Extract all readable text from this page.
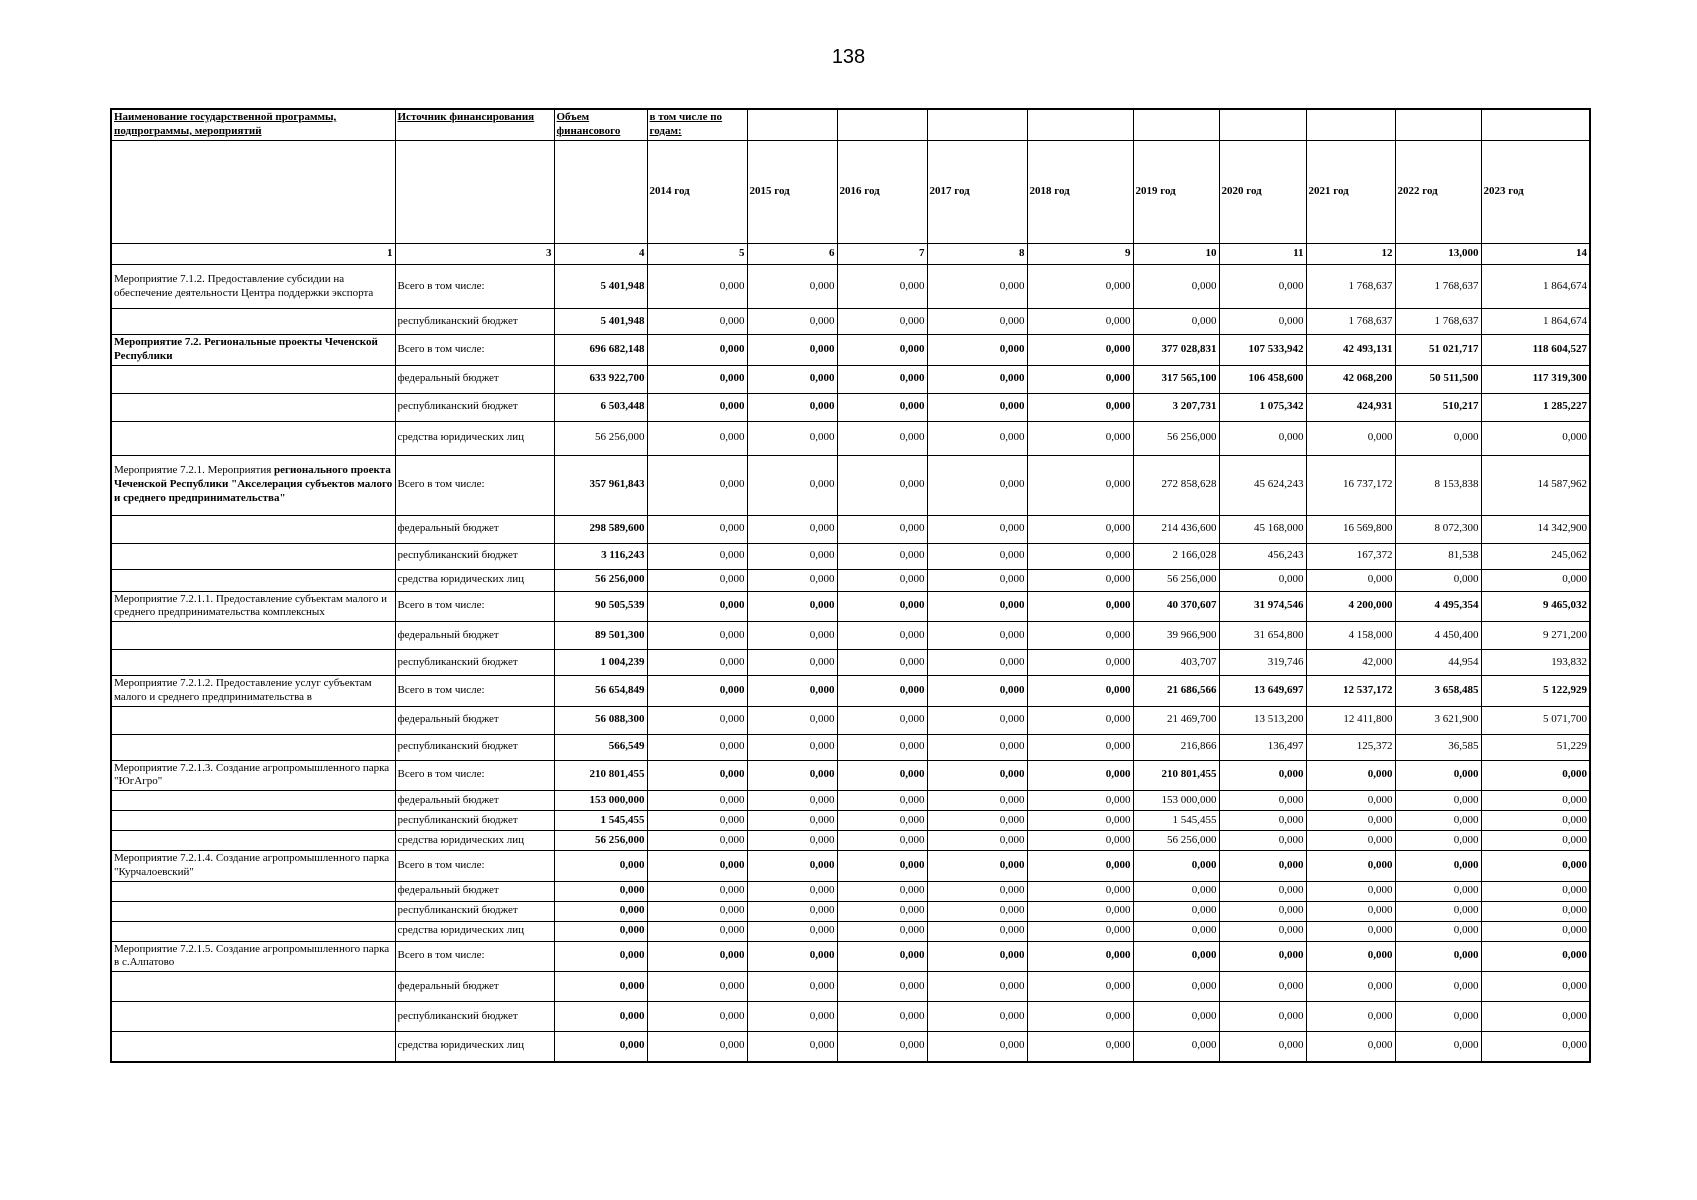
138
Наименование государственной программы, подпрограммы, мероприятий	Источник финансирования	Объем финансового	в том числе по годам:									
			2014 год	2015 год	2016 год	2017 год	2018 год	2019 год	2020 год	2021 год	2022 год	2023 год
1	3	4	5	6	7	8	9	10	11	12	13,000	14
Мероприятие 7.1.2. Предоставление субсидии на обеспечение деятельности Центра поддержки экспорта	Всего в том числе:	5 401,948	0,000	0,000	0,000	0,000	0,000	0,000	0,000	1 768,637	1 768,637	1 864,674
	республиканский бюджет	5 401,948	0,000	0,000	0,000	0,000	0,000	0,000	0,000	1 768,637	1 768,637	1 864,674
Мероприятие 7.2. Региональные проекты Чеченской Республики	Всего в том числе:	696 682,148	0,000	0,000	0,000	0,000	0,000	377 028,831	107 533,942	42 493,131	51 021,717	118 604,527
	федеральный бюджет	633 922,700	0,000	0,000	0,000	0,000	0,000	317 565,100	106 458,600	42 068,200	50 511,500	117 319,300
	республиканский бюджет	6 503,448	0,000	0,000	0,000	0,000	0,000	3 207,731	1 075,342	424,931	510,217	1 285,227
	средства юридических лиц	56 256,000	0,000	0,000	0,000	0,000	0,000	56 256,000	0,000	0,000	0,000	0,000
Мероприятие 7.2.1. Мероприятия регионального проекта Чеченской Республики "Акселерация субъектов малого и среднего предпринимательства"	Всего в том числе:	357 961,843	0,000	0,000	0,000	0,000	0,000	272 858,628	45 624,243	16 737,172	8 153,838	14 587,962
	федеральный бюджет	298 589,600	0,000	0,000	0,000	0,000	0,000	214 436,600	45 168,000	16 569,800	8 072,300	14 342,900
	республиканский бюджет	3 116,243	0,000	0,000	0,000	0,000	0,000	2 166,028	456,243	167,372	81,538	245,062
	средства юридических лиц	56 256,000	0,000	0,000	0,000	0,000	0,000	56 256,000	0,000	0,000	0,000	0,000
Мероприятие 7.2.1.1. Предоставление субъектам малого и среднего предпринимательства комплексных	Всего в том числе:	90 505,539	0,000	0,000	0,000	0,000	0,000	40 370,607	31 974,546	4 200,000	4 495,354	9 465,032
	федеральный бюджет	89 501,300	0,000	0,000	0,000	0,000	0,000	39 966,900	31 654,800	4 158,000	4 450,400	9 271,200
	республиканский бюджет	1 004,239	0,000	0,000	0,000	0,000	0,000	403,707	319,746	42,000	44,954	193,832
Мероприятие 7.2.1.2. Предоставление услуг субъектам малого и среднего предпринимательства в	Всего в том числе:	56 654,849	0,000	0,000	0,000	0,000	0,000	21 686,566	13 649,697	12 537,172	3 658,485	5 122,929
	федеральный бюджет	56 088,300	0,000	0,000	0,000	0,000	0,000	21 469,700	13 513,200	12 411,800	3 621,900	5 071,700
	республиканский бюджет	566,549	0,000	0,000	0,000	0,000	0,000	216,866	136,497	125,372	36,585	51,229
Мероприятие 7.2.1.3. Создание агропромышленного парка "ЮгАгро"	Всего в том числе:	210 801,455	0,000	0,000	0,000	0,000	0,000	210 801,455	0,000	0,000	0,000	0,000
	федеральный бюджет	153 000,000	0,000	0,000	0,000	0,000	0,000	153 000,000	0,000	0,000	0,000	0,000
	республиканский бюджет	1 545,455	0,000	0,000	0,000	0,000	0,000	1 545,455	0,000	0,000	0,000	0,000
	средства юридических лиц	56 256,000	0,000	0,000	0,000	0,000	0,000	56 256,000	0,000	0,000	0,000	0,000
Мероприятие 7.2.1.4. Создание агропромышленного парка "Курчалоевский"	Всего в том числе:	0,000	0,000	0,000	0,000	0,000	0,000	0,000	0,000	0,000	0,000	0,000
	федеральный бюджет	0,000	0,000	0,000	0,000	0,000	0,000	0,000	0,000	0,000	0,000	0,000
	республиканский бюджет	0,000	0,000	0,000	0,000	0,000	0,000	0,000	0,000	0,000	0,000	0,000
	средства юридических лиц	0,000	0,000	0,000	0,000	0,000	0,000	0,000	0,000	0,000	0,000	0,000
Мероприятие 7.2.1.5. Создание агропромышленного парка в с.Алпатово	Всего в том числе:	0,000	0,000	0,000	0,000	0,000	0,000	0,000	0,000	0,000	0,000	0,000
	федеральный бюджет	0,000	0,000	0,000	0,000	0,000	0,000	0,000	0,000	0,000	0,000	0,000
	республиканский бюджет	0,000	0,000	0,000	0,000	0,000	0,000	0,000	0,000	0,000	0,000	0,000
	средства юридических лиц	0,000	0,000	0,000	0,000	0,000	0,000	0,000	0,000	0,000	0,000	0,000
